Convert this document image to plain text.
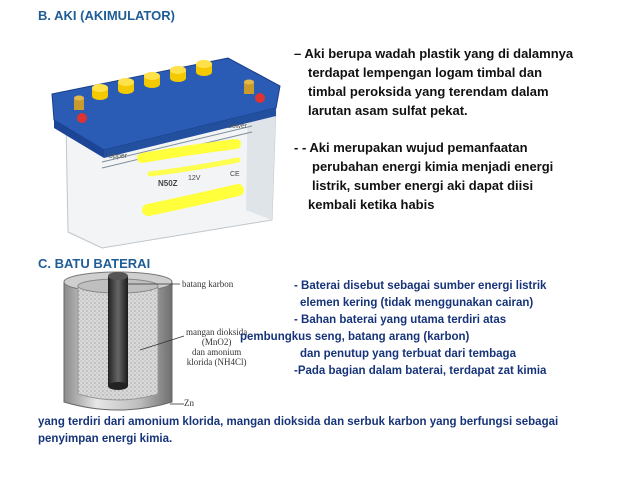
B. AKI (AKIMULATOR)
Upper
Lower
N50Z
12V
CE
– Aki berupa wadah plastik yang di dalamnya
terdapat lempengan logam timbal dan
timbal peroksida yang terendam dalam
larutan asam sulfat pekat.
- - Aki merupakan wujud pemanfaatan
perubahan energi kimia menjadi energi
listrik, sumber energi aki dapat diisi
kembali ketika habis
C. BATU BATERAI
batang karbon
mangan dioksida
(MnO2)
dan amonium
klorida (NH4Cl)
Zn
- Baterai disebut sebagai sumber energi listrik
elemen kering (tidak menggunakan cairan)
- Bahan baterai yang utama terdiri atas
pembungkus seng, batang arang (karbon)
dan penutup yang terbuat dari tembaga
-Pada bagian dalam baterai, terdapat zat kimia
yang terdiri dari amonium klorida, mangan dioksida dan serbuk karbon yang berfungsi sebagai
penyimpan energi kimia.
